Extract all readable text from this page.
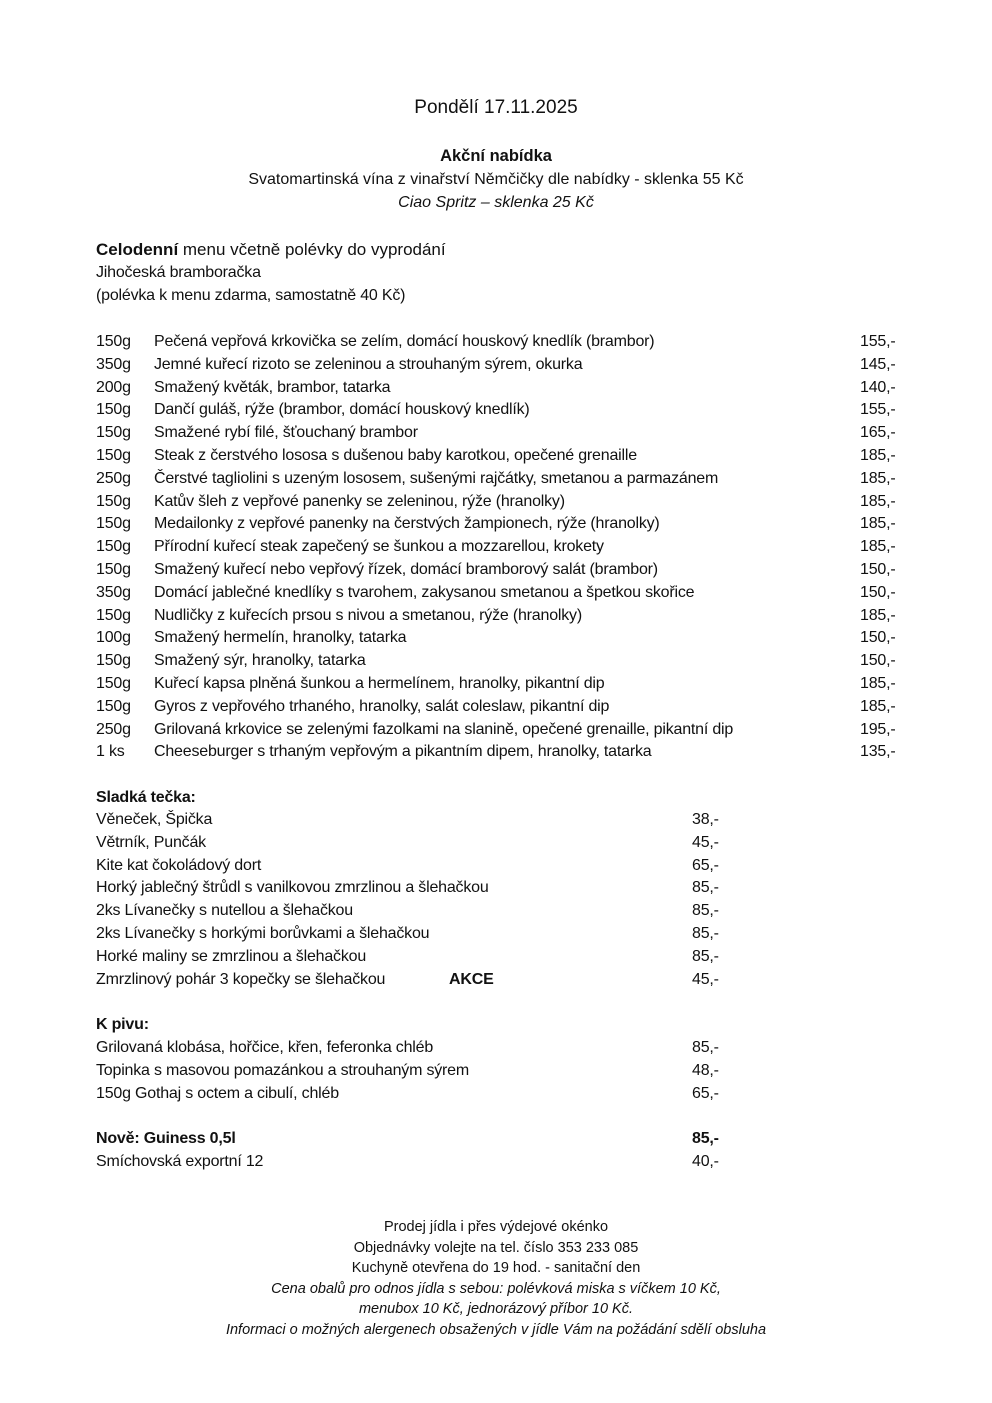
Pondělí 17.11.2025
Akční nabídka
Svatomartinská vína z vinařství Němčičky dle nabídky - sklenka 55 Kč
Ciao Spritz – sklenka 25 Kč
Celodenní menu včetně polévky do vyprodání
Jihočeská bramboračka
(polévka k menu zdarma, samostatně 40 Kč)
150g Pečená vepřová krkovička se zelím, domácí houskový knedlík (brambor)	155,-
350g Jemné kuřecí rizoto se zeleninou a strouhaným sýrem, okurka	145,-
200g Smažený květák, brambor, tatarka	140,-
150g Dančí guláš, rýže (brambor, domácí houskový knedlík)	155,-
150g Smažené rybí filé, šťouchaný brambor	165,-
150g Steak z čerstvého lososa s dušenou baby karotkou, opečené grenaille	185,-
250g Čerstvé tagliolini s uzeným lososem, sušenými rajčátky, smetanou a parmazánem	185,-
150g Katův šleh z vepřové panenky se zeleninou, rýže (hranolky)	185,-
150g Medailonky z vepřové panenky na čerstvých žampionech, rýže (hranolky)	185,-
150g Přírodní kuřecí steak zapečený se šunkou a mozzarellou, krokety	185,-
150g Smažený kuřecí nebo vepřový řízek, domácí bramborový salát (brambor)	150,-
350g Domácí jablečné knedlíky s tvarohem, zakysanou smetanou a špetkou skořice	150,-
150g Nudličky z kuřecích prsou s nivou a smetanou, rýže (hranolky)	185,-
100g Smažený hermelín, hranolky, tatarka	150,-
150g Smažený sýr, hranolky, tatarka	150,-
150g Kuřecí kapsa plněná šunkou a hermelínem, hranolky, pikantní dip	185,-
150g Gyros z vepřového trhaného, hranolky, salát coleslaw, pikantní dip	185,-
250g Grilovaná krkovice se zelenými fazolkami na slanině, opečené grenaille, pikantní dip	195,-
1 ks Cheeseburger s trhaným vepřovým a pikantním dipem, hranolky, tatarka	135,-
Sladká tečka:
Věneček, Špička	38,-
Větrník, Punčák	45,-
Kite kat čokoládový dort	65,-
Horký jablečný štrůdl s vanilkovou zmrzlinou a šlehačkou	85,-
2ks Lívanečky s nutellou a šlehačkou	85,-
2ks Lívanečky s horkými borůvkami a šlehačkou	85,-
Horké maliny se zmrzlinou a šlehačkou	85,-
Zmrzlinový pohár 3 kopečky se šlehačkou	AKCE	45,-
K pivu:
Grilovaná klobása, hořčice, křen, feferonka chléb	85,-
Topinka s masovou pomazánkou a strouhaným sýrem	48,-
150g Gothaj s octem a cibulí, chléb	65,-
Nově: Guiness 0,5l	85,-
Smíchovská exportní 12	40,-
Prodej jídla i přes výdejové okénko
Objednávky volejte na tel. číslo 353 233 085
Kuchyně otevřena do 19 hod. - sanitační den
Cena obalů pro odnos jídla s sebou: polévková miska s víčkem 10 Kč,
menubox 10 Kč, jednorázový příbor 10 Kč.
Informaci o možných alergenech obsažených v jídle Vám na požádání sdělí obsluha
